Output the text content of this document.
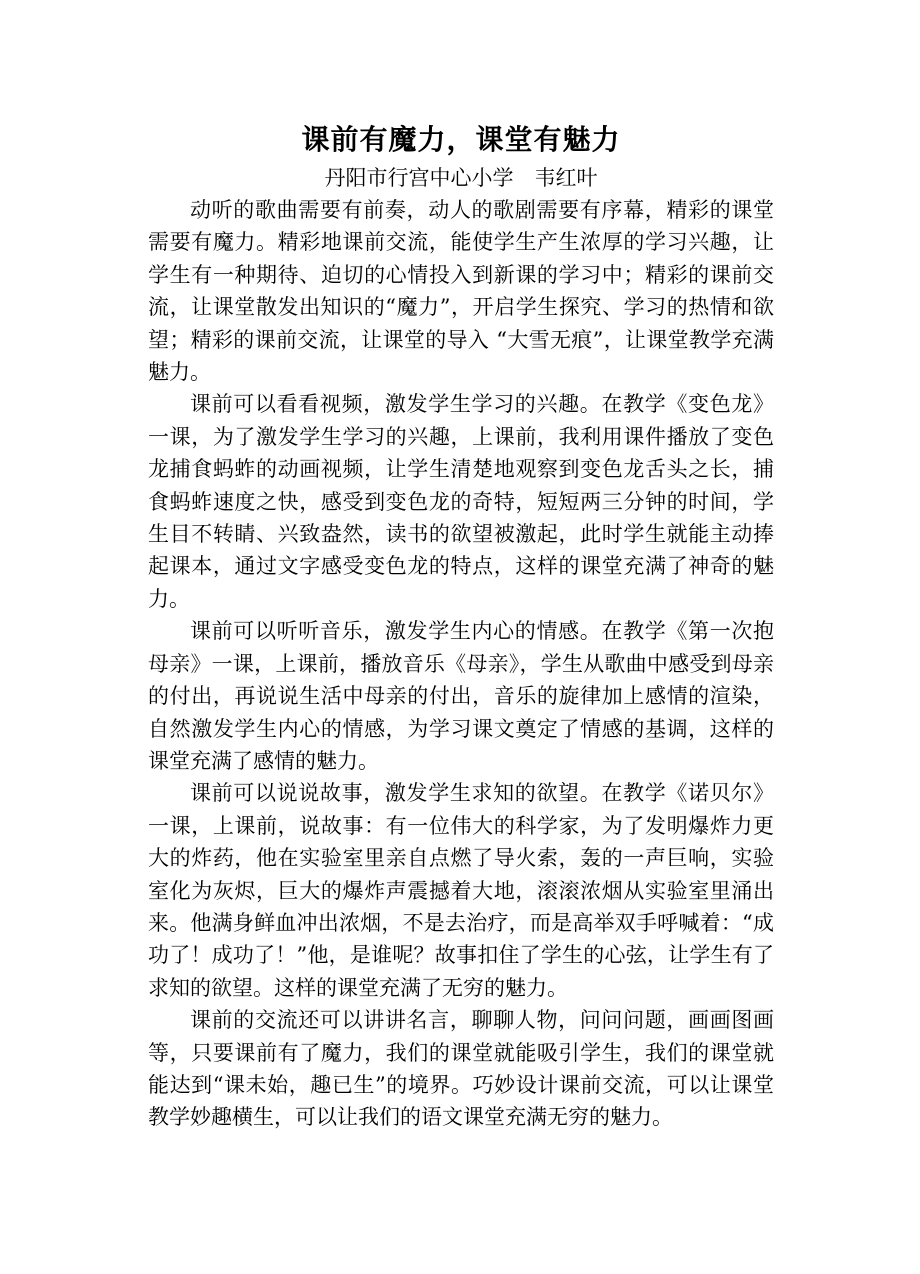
课前有魔力，课堂有魅力

丹阳市行宫中心小学　韦红叶

动听的歌曲需要有前奏，动人的歌剧需要有序幕，精彩的课堂需要有魔力。精彩地课前交流，能使学生产生浓厚的学习兴趣，让学生有一种期待、迫切的心情投入到新课的学习中；精彩的课前交流，让课堂散发出知识的“魔力”，开启学生探究、学习的热情和欲望；精彩的课前交流，让课堂的导入 “大雪无痕”，让课堂教学充满魅力。

课前可以看看视频，激发学生学习的兴趣。在教学《变色龙》一课，为了激发学生学习的兴趣，上课前，我利用课件播放了变色龙捕食蚂蚱的动画视频，让学生清楚地观察到变色龙舌头之长，捕食蚂蚱速度之快，感受到变色龙的奇特，短短两三分钟的时间，学生目不转睛、兴致盎然，读书的欲望被激起，此时学生就能主动捧起课本，通过文字感受变色龙的特点，这样的课堂充满了神奇的魅力。

课前可以听听音乐，激发学生内心的情感。在教学《第一次抱母亲》一课，上课前，播放音乐《母亲》，学生从歌曲中感受到母亲的付出，再说说生活中母亲的付出，音乐的旋律加上感情的渲染，自然激发学生内心的情感，为学习课文奠定了情感的基调，这样的课堂充满了感情的魅力。

课前可以说说故事，激发学生求知的欲望。在教学《诺贝尔》一课，上课前，说故事：有一位伟大的科学家，为了发明爆炸力更大的炸药，他在实验室里亲自点燃了导火索，轰的一声巨响，实验室化为灰烬，巨大的爆炸声震撼着大地，滚滚浓烟从实验室里涌出来。他满身鲜血冲出浓烟，不是去治疗，而是高举双手呼喊着：“成功了！成功了！”他，是谁呢？故事扣住了学生的心弦，让学生有了求知的欲望。这样的课堂充满了无穷的魅力。

课前的交流还可以讲讲名言，聊聊人物，问问问题，画画图画等，只要课前有了魔力，我们的课堂就能吸引学生，我们的课堂就能达到“课未始，趣已生”的境界。巧妙设计课前交流，可以让课堂教学妙趣横生，可以让我们的语文课堂充满无穷的魅力。
